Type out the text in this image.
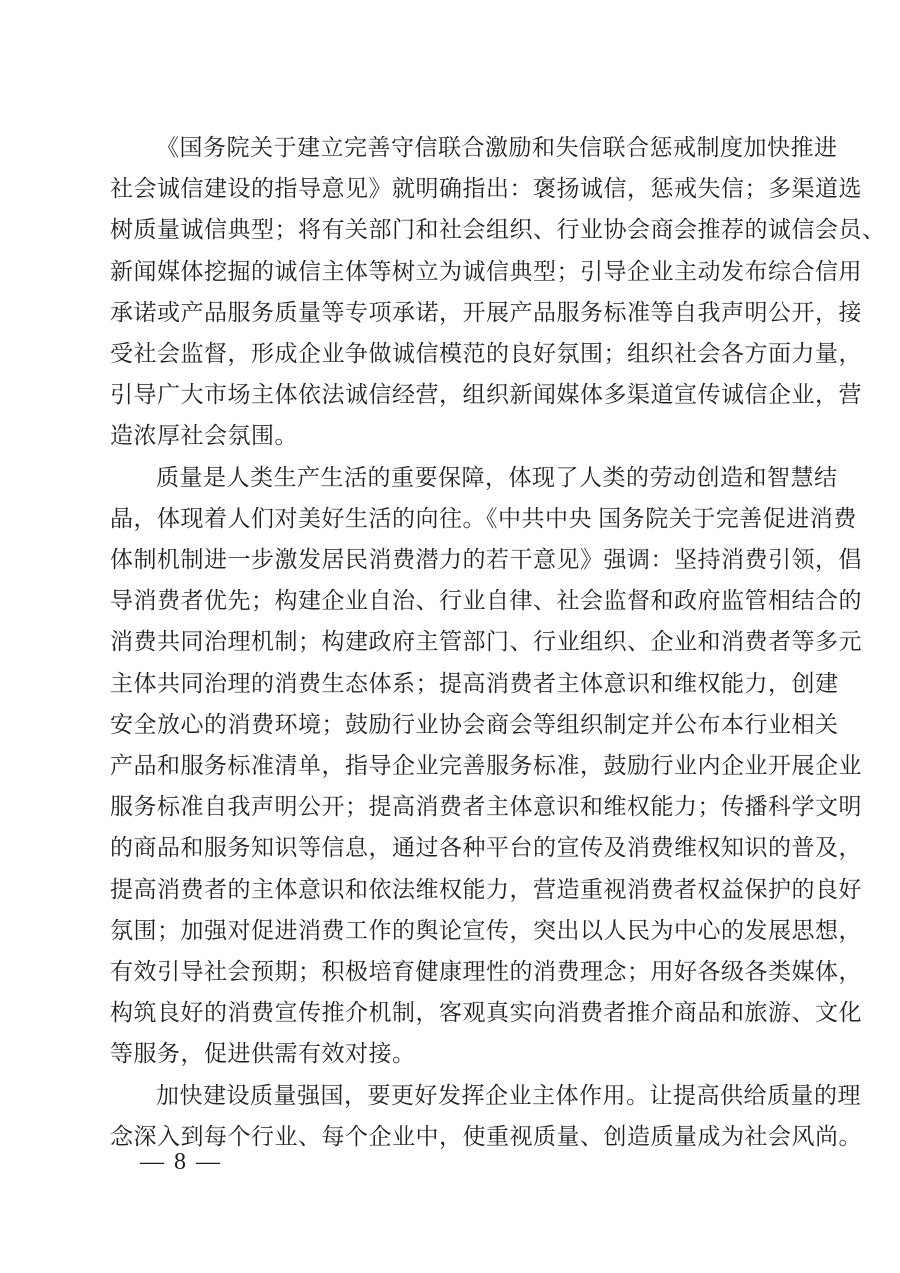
《国务院关于建立完善守信联合激励和失信联合惩戒制度加快推进
社会诚信建设的指导意见》就明确指出：褒扬诚信，惩戒失信；多渠道选
树质量诚信典型；将有关部门和社会组织、行业协会商会推荐的诚信会员、
新闻媒体挖掘的诚信主体等树立为诚信典型；引导企业主动发布综合信用
承诺或产品服务质量等专项承诺，开展产品服务标准等自我声明公开，接
受社会监督，形成企业争做诚信模范的良好氛围；组织社会各方面力量，
引导广大市场主体依法诚信经营，组织新闻媒体多渠道宣传诚信企业，营
造浓厚社会氛围。

质量是人类生产生活的重要保障，体现了人类的劳动创造和智慧结
晶，体现着人们对美好生活的向往。《中共中央 国务院关于完善促进消费
体制机制进一步激发居民消费潜力的若干意见》强调：坚持消费引领，倡
导消费者优先；构建企业自治、行业自律、社会监督和政府监管相结合的
消费共同治理机制；构建政府主管部门、行业组织、企业和消费者等多元
主体共同治理的消费生态体系；提高消费者主体意识和维权能力，创建
安全放心的消费环境；鼓励行业协会商会等组织制定并公布本行业相关
产品和服务标准清单，指导企业完善服务标准，鼓励行业内企业开展企业
服务标准自我声明公开；提高消费者主体意识和维权能力；传播科学文明
的商品和服务知识等信息，通过各种平台的宣传及消费维权知识的普及，
提高消费者的主体意识和依法维权能力，营造重视消费者权益保护的良好
氛围；加强对促进消费工作的舆论宣传，突出以人民为中心的发展思想，
有效引导社会预期；积极培育健康理性的消费理念；用好各级各类媒体，
构筑良好的消费宣传推介机制，客观真实向消费者推介商品和旅游、文化
等服务，促进供需有效对接。

加快建设质量强国，要更好发挥企业主体作用。让提高供给质量的理
念深入到每个行业、每个企业中，使重视质量、创造质量成为社会风尚。

— 8 —
